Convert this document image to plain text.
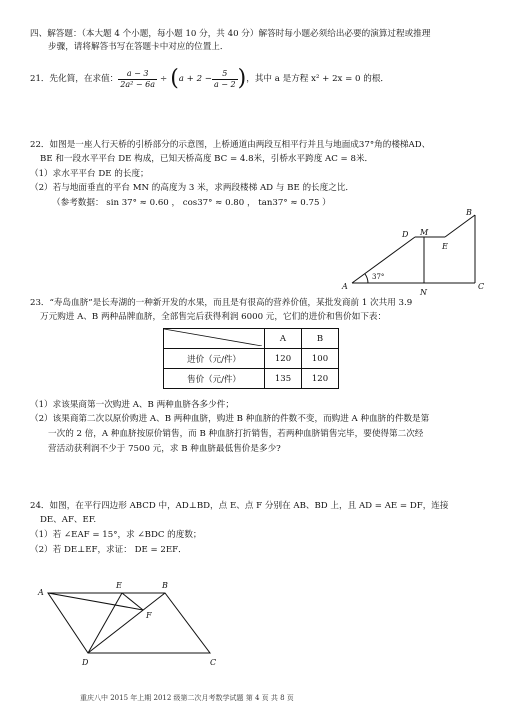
四、解答题：（本大题 4 个小题，每小题 10 分，共 40 分）解答时每小题必须给出必要的演算过程或推理
步骤，请将解答书写在答题卡中对应的位置上．
21．先化简，在求值： $\frac{a - 3}{\text{2a² − 6a}}$ ÷ ( $a + 2 - \frac{5}{a - 2}$ ) ，其中 a 是方程 x² + 2x = 0 的根．
22．如图是一座人行天桥的引桥部分的示意图，上桥通道由两段互相平行并且与地面成37°角的楼梯AD、
BE 和一段水平平台 DE 构成，已知天桥高度 BC = 4.8米，引桥水平跨度 AC = 8米．
（1）求水平平台 DE 的长度；
（2）若与地面垂直的平台 MN 的高度为 3 米，求两段楼梯 AD 与 BE 的长度之比．
（参考数据： sin 37° ≈ 0.60 ， cos37° ≈ 0.80 ， tan37° ≈ 0.75 ）
A	C
B
D M
E
N
37°
23．“寿岛血脐”是长寿湖的一种新开发的水果，而且是有很高的营养价值，某批发商前 1 次共用 3.9
万元购进 A、B 两种品牌血脐，全部售完后获得利润 6000 元，它们的进价和售价如下表：
	A	B
进价（元/件）	120	100
售价（元/件）	135	120
（1）求该果商第一次购进 A、B 两种血脐各多少件；
（2）该果商第二次以原价购进 A、B 两种血脐，购进 B 种血脐的件数不变，而购进 A 种血脐的件数是第
一次的 2 倍，A 种血脐按原价销售，而 B 种血脐打折销售，若两种血脐销售完毕，要使得第二次经
营活动获利润不少于 7500 元，求 B 种血脐最低售价是多少?
24．如图，在平行四边形 ABCD 中，AD⊥BD，点 E、点 F 分别在 AB、BD 上，且 AD = AE = DF，连接
DE、AF、EF.
（1）若 ∠EAF = 15°，求 ∠BDC 的度数；
（2）若 DE⊥EF，求证： DE = 2EF．
A
E	B
F
D	C
重庆八中 2015 年上期 2012 级第二次月考数学试题 第 4 页 共 8 页
